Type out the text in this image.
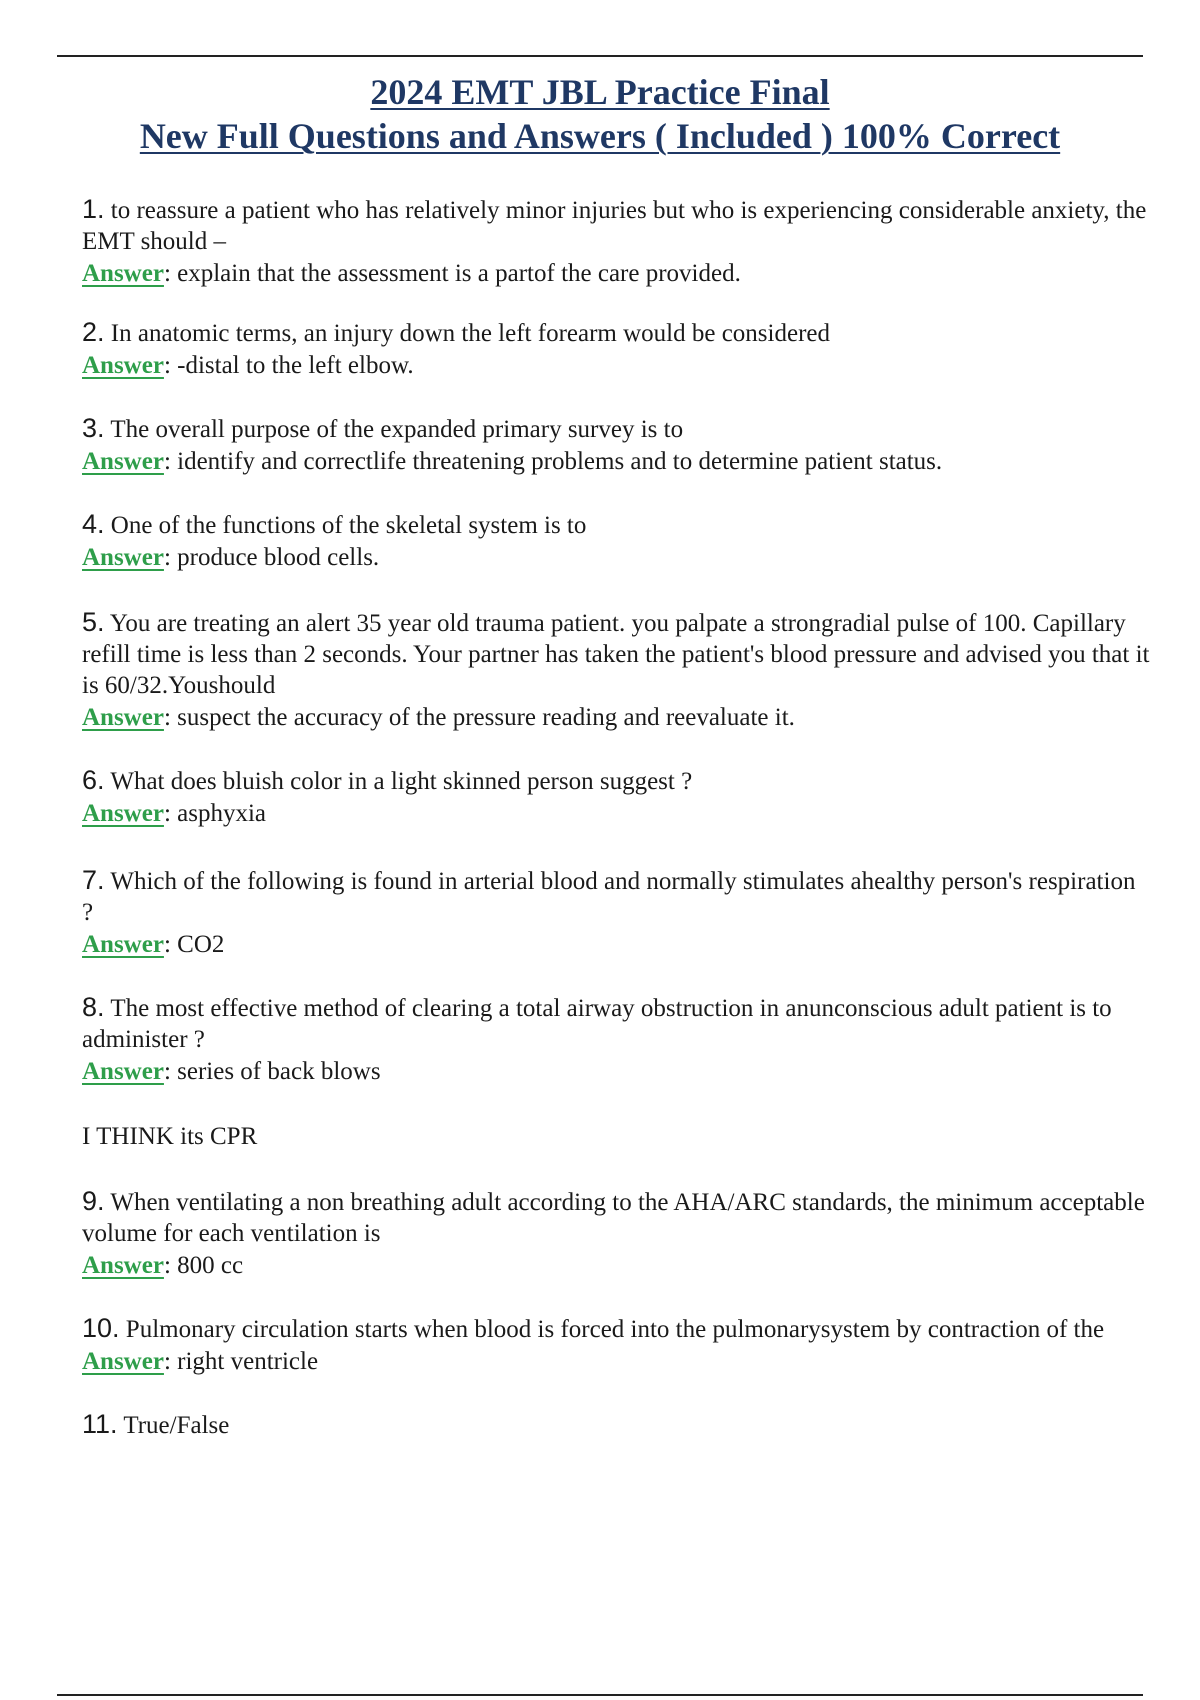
2024 EMT JBL Practice Final
New Full Questions and Answers ( Included ) 100% Correct
1. to reassure a patient who has relatively minor injuries but who is experiencing considerable anxiety, the EMT should –
Answer: explain that the assessment is a partof the care provided.
2. In anatomic terms, an injury down the left forearm would be considered
Answer: -distal to the left elbow.
3. The overall purpose of the expanded primary survey is to
Answer: identify and correctlife threatening problems and to determine patient status.
4. One of the functions of the skeletal system is to
Answer: produce blood cells.
5. You are treating an alert 35 year old trauma patient. you palpate a strongradial pulse of 100. Capillary refill time is less than 2 seconds. Your partner has taken the patient's blood pressure and advised you that it is 60/32.Youshould
Answer: suspect the accuracy of the pressure reading and reevaluate it.
6. What does bluish color in a light skinned person suggest ?
Answer: asphyxia
7. Which of the following is found in arterial blood and normally stimulates ahealthy person's respiration ?
Answer: CO2
8. The most effective method of clearing a total airway obstruction in anunconscious adult patient is to administer ?
Answer: series of back blows
I THINK its CPR
9. When ventilating a non breathing adult according to the AHA/ARC standards, the minimum acceptable volume for each ventilation is
Answer: 800 cc
10. Pulmonary circulation starts when blood is forced into the pulmonarysystem by contraction of the
Answer: right ventricle
11. True/False
